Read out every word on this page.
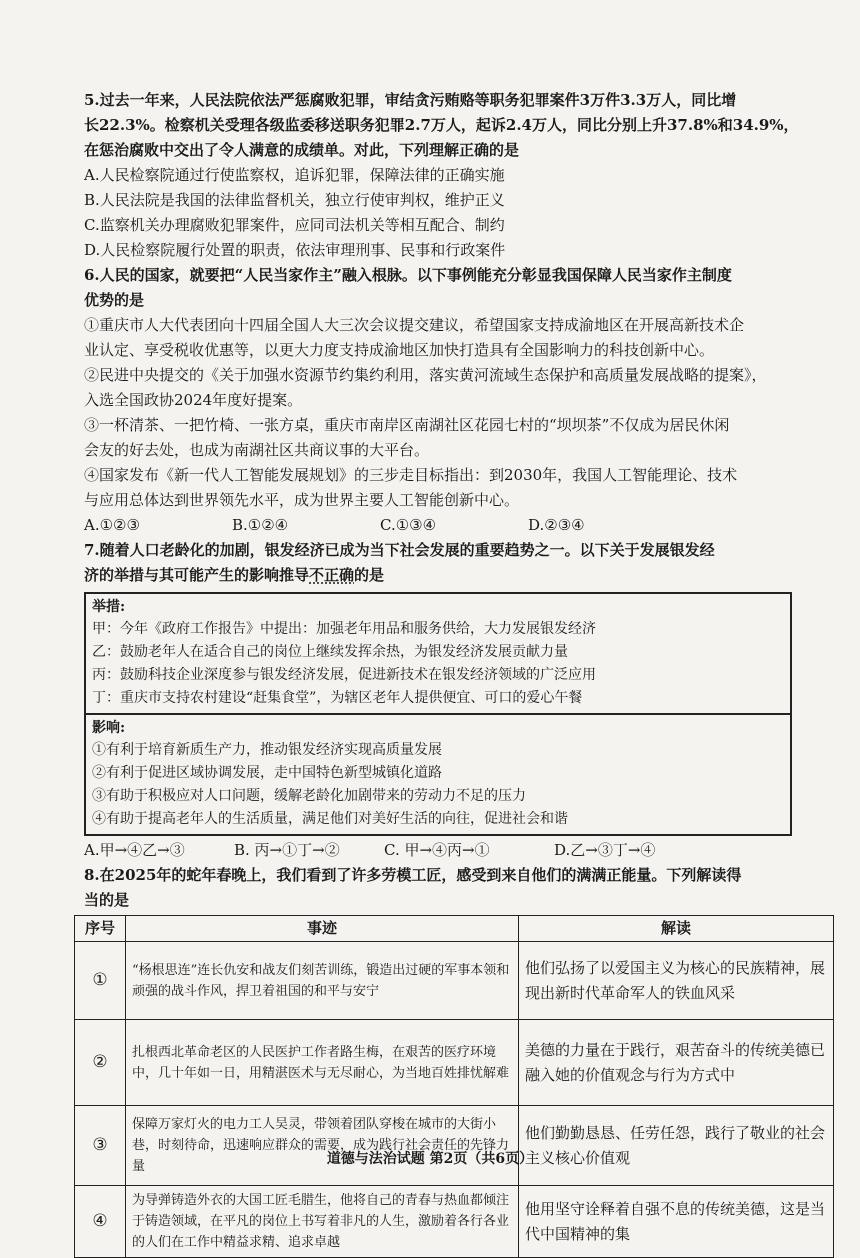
5.过去一年来，人民法院依法严惩腐败犯罪，审结贪污贿赂等职务犯罪案件3万件3.3万人，同比增

长22.3%。检察机关受理各级监委移送职务犯罪2.7万人，起诉2.4万人，同比分别上升37.8%和34.9%，

在惩治腐败中交出了令人满意的成绩单。对此，下列理解正确的是

A.人民检察院通过行使监察权，追诉犯罪，保障法律的正确实施

B.人民法院是我国的法律监督机关，独立行使审判权，维护正义

C.监察机关办理腐败犯罪案件，应同司法机关等相互配合、制约

D.人民检察院履行处置的职责，依法审理刑事、民事和行政案件

6.人民的国家，就要把“人民当家作主”融入根脉。以下事例能充分彰显我国保障人民当家作主制度

优势的是

①重庆市人大代表团向十四届全国人大三次会议提交建议，希望国家支持成渝地区在开展高新技术企

业认定、享受税收优惠等，以更大力度支持成渝地区加快打造具有全国影响力的科技创新中心。

②民进中央提交的《关于加强水资源节约集约利用，落实黄河流域生态保护和高质量发展战略的提案》，

入选全国政协2024年度好提案。

③一杯清茶、一把竹椅、一张方桌，重庆市南岸区南湖社区花园七村的“坝坝茶”不仅成为居民休闲

会友的好去处，也成为南湖社区共商议事的大平台。

④国家发布《新一代人工智能发展规划》的三步走目标指出：到2030年，我国人工智能理论、技术

与应用总体达到世界领先水平，成为世界主要人工智能创新中心。

A.①②③	B.①②④	C.①③④	D.②③④

7.随着人口老龄化的加剧，银发经济已成为当下社会发展的重要趋势之一。以下关于发展银发经

济的举措与其可能产生的影响推导不正确的是

举措:
甲：今年《政府工作报告》中提出：加强老年用品和服务供给，大力发展银发经济
乙：鼓励老年人在适合自己的岗位上继续发挥余热，为银发经济发展贡献力量
丙：鼓励科技企业深度参与银发经济发展，促进新技术在银发经济领域的广泛应用
丁：重庆市支持农村建设“赶集食堂”，为辖区老年人提供便宜、可口的爱心午餐
影响:
①有利于培育新质生产力，推动银发经济实现高质量发展
②有利于促进区域协调发展，走中国特色新型城镇化道路
③有助于积极应对人口问题，缓解老龄化加剧带来的劳动力不足的压力
④有助于提高老年人的生活质量，满足他们对美好生活的向往，促进社会和谐
A.甲→④乙→③	B. 丙→①丁→②	C. 甲→④丙→①	D.乙→③丁→④

8.在2025年的蛇年春晚上，我们看到了许多劳模工匠，感受到来自他们的满满正能量。下列解读得

当的是

序号	事迹	解读
①	“杨根思连”连长仇安和战友们刻苦训练，锻造出过硬的军事本领和顽强的战斗作风，捍卫着祖国的和平与安宁	他们弘扬了以爱国主义为核心的民族精神，展现出新时代革命军人的铁血风采
②	扎根西北革命老区的人民医护工作者路生梅，在艰苦的医疗环境中，几十年如一日，用精湛医术与无尽耐心，为当地百姓排忧解难	美德的力量在于践行，艰苦奋斗的传统美德已融入她的价值观念与行为方式中
③	保障万家灯火的电力工人吴灵，带领着团队穿梭在城市的大街小巷，时刻待命，迅速响应群众的需要，成为践行社会责任的先锋力量	他们勤勤恳恳、任劳任怨，践行了敬业的社会主义核心价值观
④	为导弹铸造外衣的大国工匠毛腊生，他将自己的青春与热血都倾注于铸造领域，在平凡的岗位上书写着非凡的人生，激励着各行各业的人们在工作中精益求精、追求卓越	他用坚守诠释着自强不息的传统美德，这是当代中国精神的集
道德与法治试题 第2页（共6页）
